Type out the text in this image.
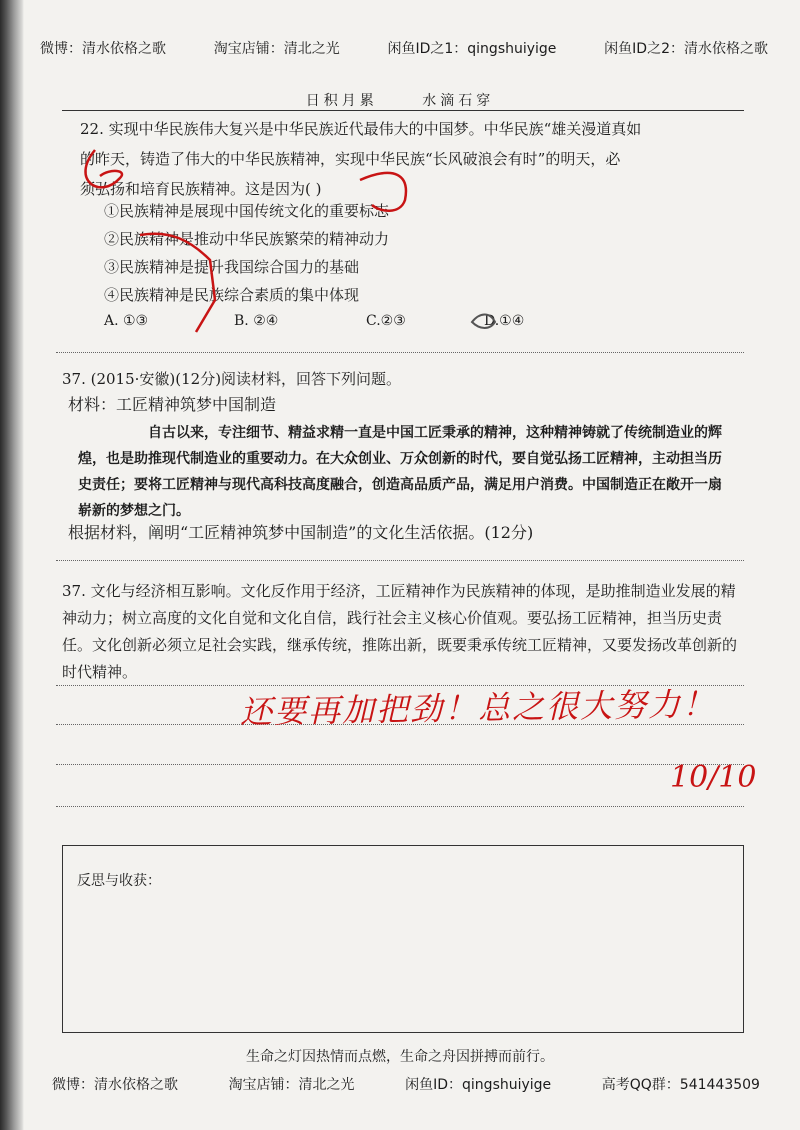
微博：清水依格之歌	淘宝店铺：清北之光	闲鱼ID之1：qingshuiyige	闲鱼ID之2：清水依格之歌
日积月累	水滴石穿

22. 实现中华民族伟大复兴是中华民族近代最伟大的中国梦。中华民族“雄关漫道真如

的昨天，铸造了伟大的中华民族精神，实现中华民族“长风破浪会有时”的明天，必

须弘扬和培育民族精神。这是因为( )

①民族精神是展现中国传统文化的重要标志
②民族精神是推动中华民族繁荣的精神动力
③民族精神是提升我国综合国力的基础
④民族精神是民族综合素质的集中体现
A. ①③	B. ②④	C.②③	D.①④
37. (2015·安徽)(12分)阅读材料，回答下列问题。
材料：工匠精神筑梦中国制造
自古以来，专注细节、精益求精一直是中国工匠秉承的精神，这种精神铸就了传统制造业的辉煌，也是助推现代制造业的重要动力。在大众创业、万众创新的时代，要自觉弘扬工匠精神，主动担当历史责任；要将工匠精神与现代高科技高度融合，创造高品质产品，满足用户消费。中国制造正在敞开一扇崭新的梦想之门。
根据材料，阐明“工匠精神筑梦中国制造”的文化生活依据。(12分)
37. 文化与经济相互影响。文化反作用于经济，工匠精神作为民族精神的体现，是助推制造业发展的精神动力；树立高度的文化自觉和文化自信，践行社会主义核心价值观。要弘扬工匠精神，担当历史责任。文化创新必须立足社会实践，继承传统，推陈出新，既要秉承传统工匠精神，又要发扬改革创新的时代精神。
还要再加把劲！总之很大努力！
10/10
反思与收获：
生命之灯因热情而点燃，生命之舟因拼搏而前行。
微博：清水依格之歌	淘宝店铺：清北之光	闲鱼ID：qingshuiyige	高考QQ群：541443509
